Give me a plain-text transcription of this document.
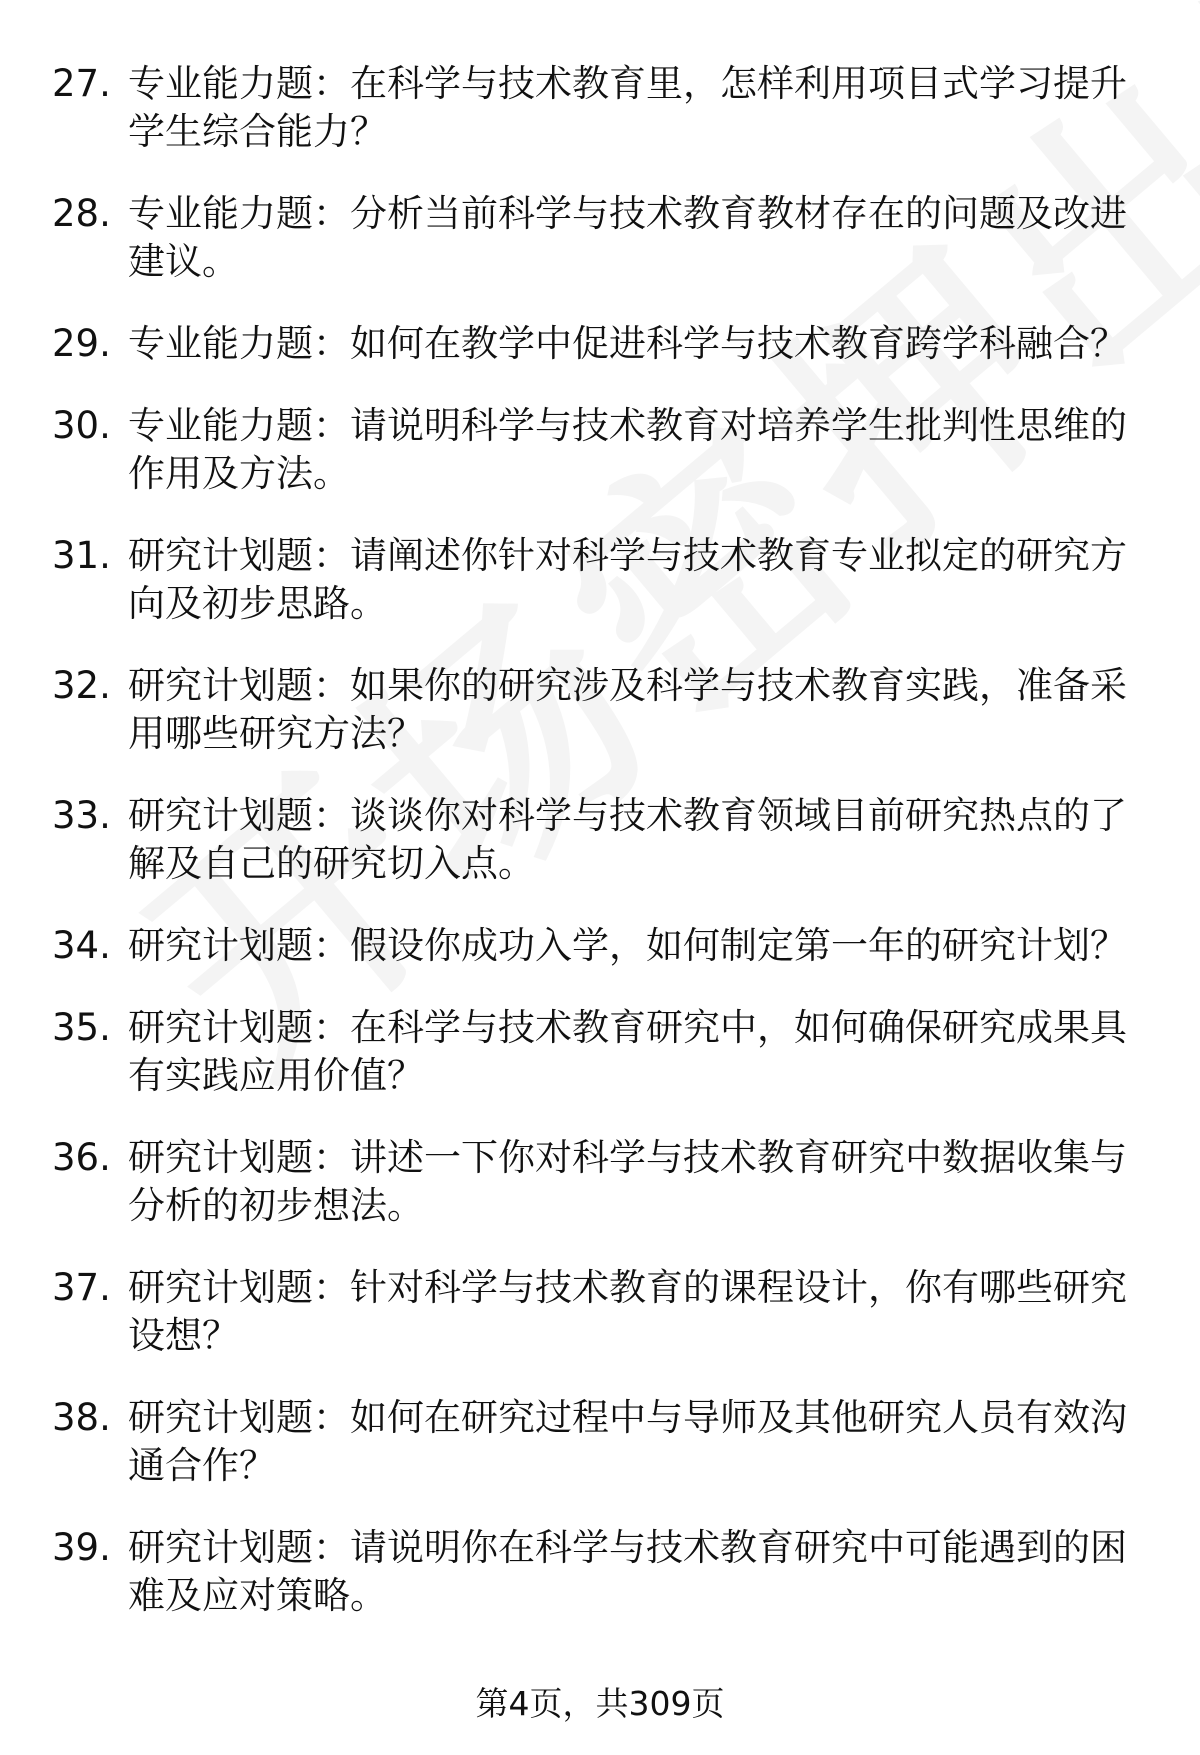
27. 专业能力题：在科学与技术教育里，怎样利用项目式学习提升学生综合能力？
28. 专业能力题：分析当前科学与技术教育教材存在的问题及改进建议。
29. 专业能力题：如何在教学中促进科学与技术教育跨学科融合？
30. 专业能力题：请说明科学与技术教育对培养学生批判性思维的作用及方法。
31. 研究计划题：请阐述你针对科学与技术教育专业拟定的研究方向及初步思路。
32. 研究计划题：如果你的研究涉及科学与技术教育实践，准备采用哪些研究方法？
33. 研究计划题：谈谈你对科学与技术教育领域目前研究热点的了解及自己的研究切入点。
34. 研究计划题：假设你成功入学，如何制定第一年的研究计划？
35. 研究计划题：在科学与技术教育研究中，如何确保研究成果具有实践应用价值？
36. 研究计划题：讲述一下你对科学与技术教育研究中数据收集与分析的初步想法。
37. 研究计划题：针对科学与技术教育的课程设计，你有哪些研究设想？
38. 研究计划题：如何在研究过程中与导师及其他研究人员有效沟通合作？
39. 研究计划题：请说明你在科学与技术教育研究中可能遇到的困难及应对策略。
第4页，共309页
